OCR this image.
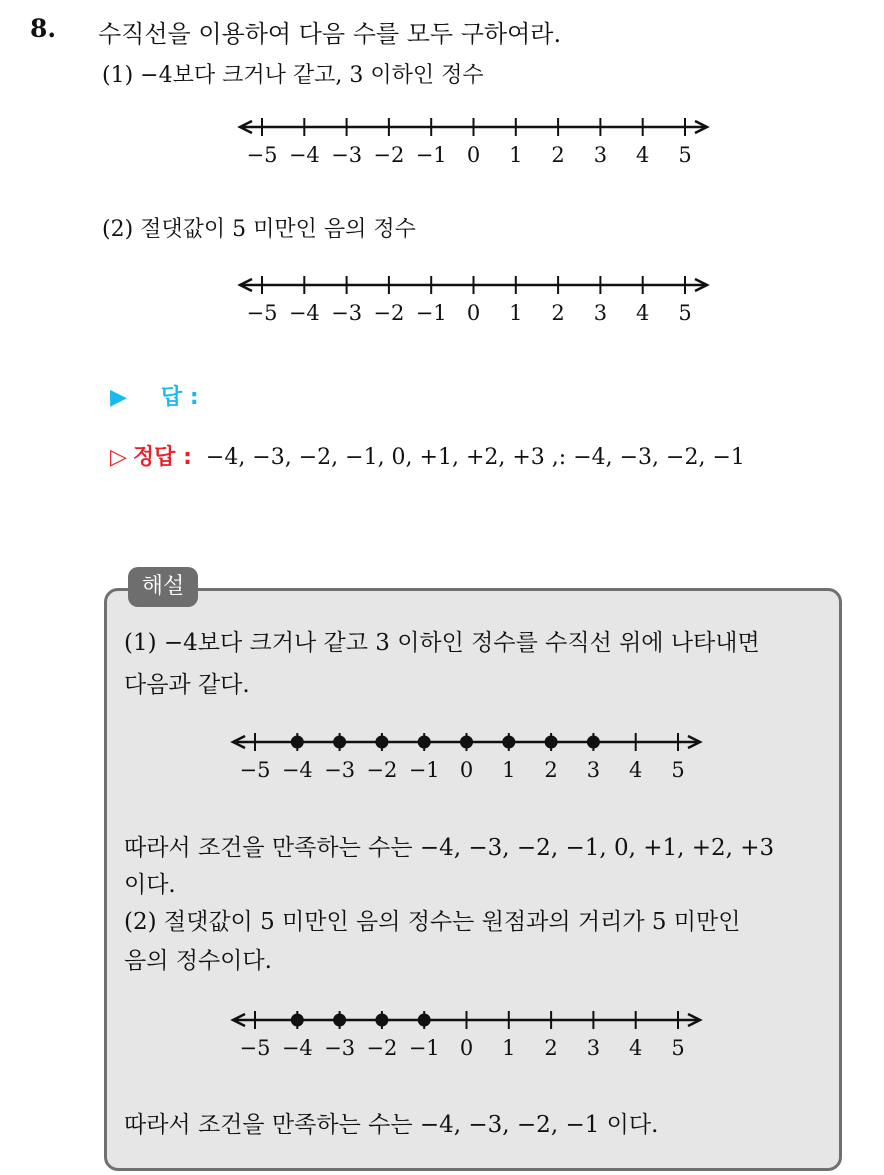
8. 수직선을 이용하여 다음 수를 모두 구하여라.
(1) −4보다 크거나 같고, 3 이하인 정수
−5 −4 −3 −2 −1 0 1 2 3 4 5
(2) 절댓값이 5 미만인 음의 정수
−5 −4 −3 −2 −1 0 1 2 3 4 5
▶ 답 :
▷ 정답 : −4, −3, −2, −1, 0, +1, +2, +3 ,: −4, −3, −2, −1
해설
(1) −4보다 크거나 같고 3 이하인 정수를 수직선 위에 나타내면
다음과 같다.
−5 −4 −3 −2 −1 0 1 2 3 4 5
따라서 조건을 만족하는 수는 −4, −3, −2, −1, 0, +1, +2, +3
이다.
(2) 절댓값이 5 미만인 음의 정수는 원점과의 거리가 5 미만인
음의 정수이다.
−5 −4 −3 −2 −1 0 1 2 3 4 5
따라서 조건을 만족하는 수는 −4, −3, −2, −1 이다.
